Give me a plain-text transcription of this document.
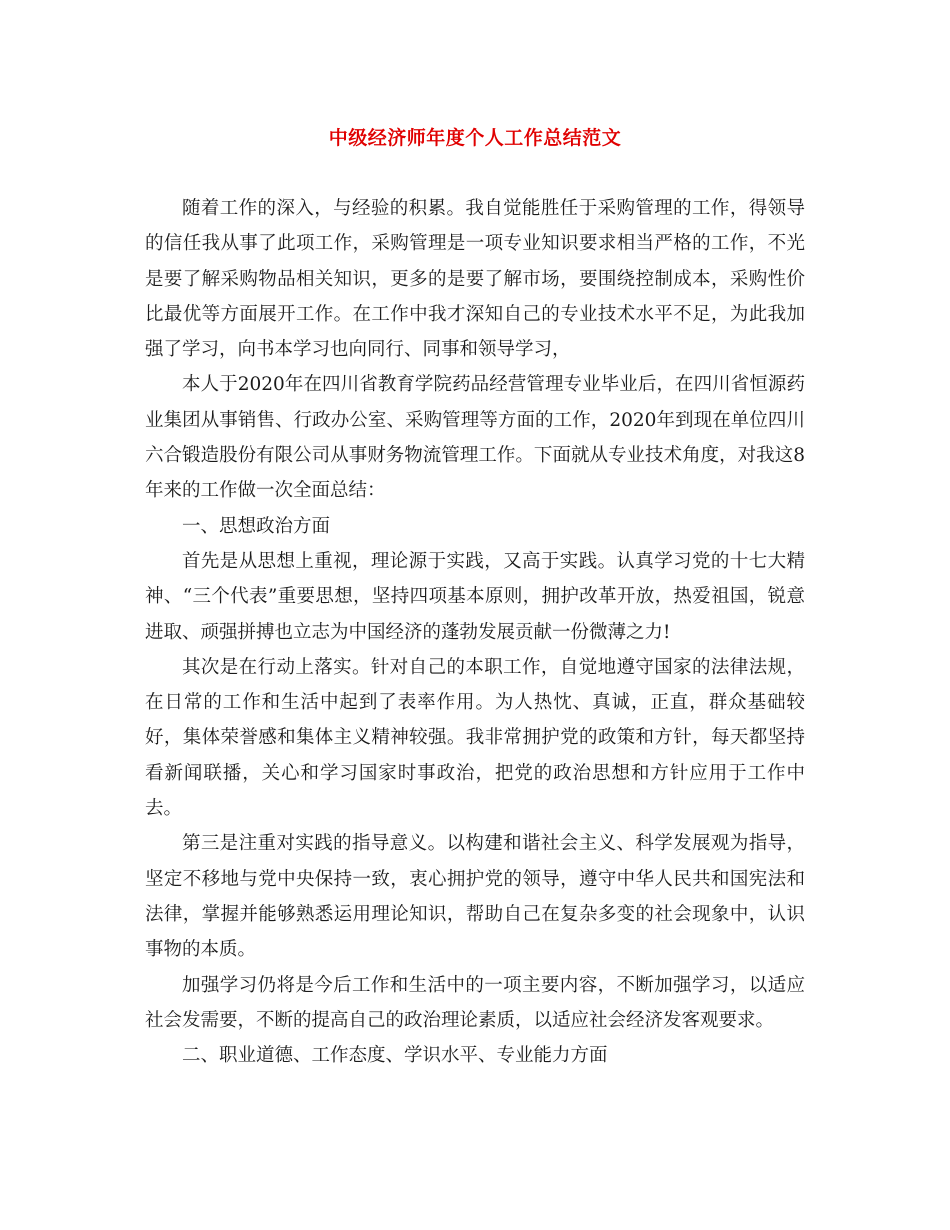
中级经济师年度个人工作总结范文

随着工作的深入，与经验的积累。我自觉能胜任于采购管理的工作，得领导的信任我从事了此项工作，采购管理是一项专业知识要求相当严格的工作，不光是要了解采购物品相关知识，更多的是要了解市场，要围绕控制成本，采购性价比最优等方面展开工作。在工作中我才深知自己的专业技术水平不足，为此我加强了学习，向书本学习也向同行、同事和领导学习，

本人于2020年在四川省教育学院药品经营管理专业毕业后，在四川省恒源药业集团从事销售、行政办公室、采购管理等方面的工作，2020年到现在单位四川六合锻造股份有限公司从事财务物流管理工作。下面就从专业技术角度，对我这8年来的工作做一次全面总结：

一、思想政治方面

首先是从思想上重视，理论源于实践，又高于实践。认真学习党的十七大精神、“三个代表”重要思想，坚持四项基本原则，拥护改革开放，热爱祖国，锐意进取、顽强拼搏也立志为中国经济的蓬勃发展贡献一份微薄之力!

其次是在行动上落实。针对自己的本职工作，自觉地遵守国家的法律法规，在日常的工作和生活中起到了表率作用。为人热忱、真诚，正直，群众基础较好，集体荣誉感和集体主义精神较强。我非常拥护党的政策和方针，每天都坚持看新闻联播，关心和学习国家时事政治，把党的政治思想和方针应用于工作中去。

第三是注重对实践的指导意义。以构建和谐社会主义、科学发展观为指导，坚定不移地与党中央保持一致，衷心拥护党的领导，遵守中华人民共和国宪法和法律，掌握并能够熟悉运用理论知识，帮助自己在复杂多变的社会现象中，认识事物的本质。

加强学习仍将是今后工作和生活中的一项主要内容，不断加强学习，以适应社会发需要，不断的提高自己的政治理论素质，以适应社会经济发客观要求。

二、职业道德、工作态度、学识水平、专业能力方面
